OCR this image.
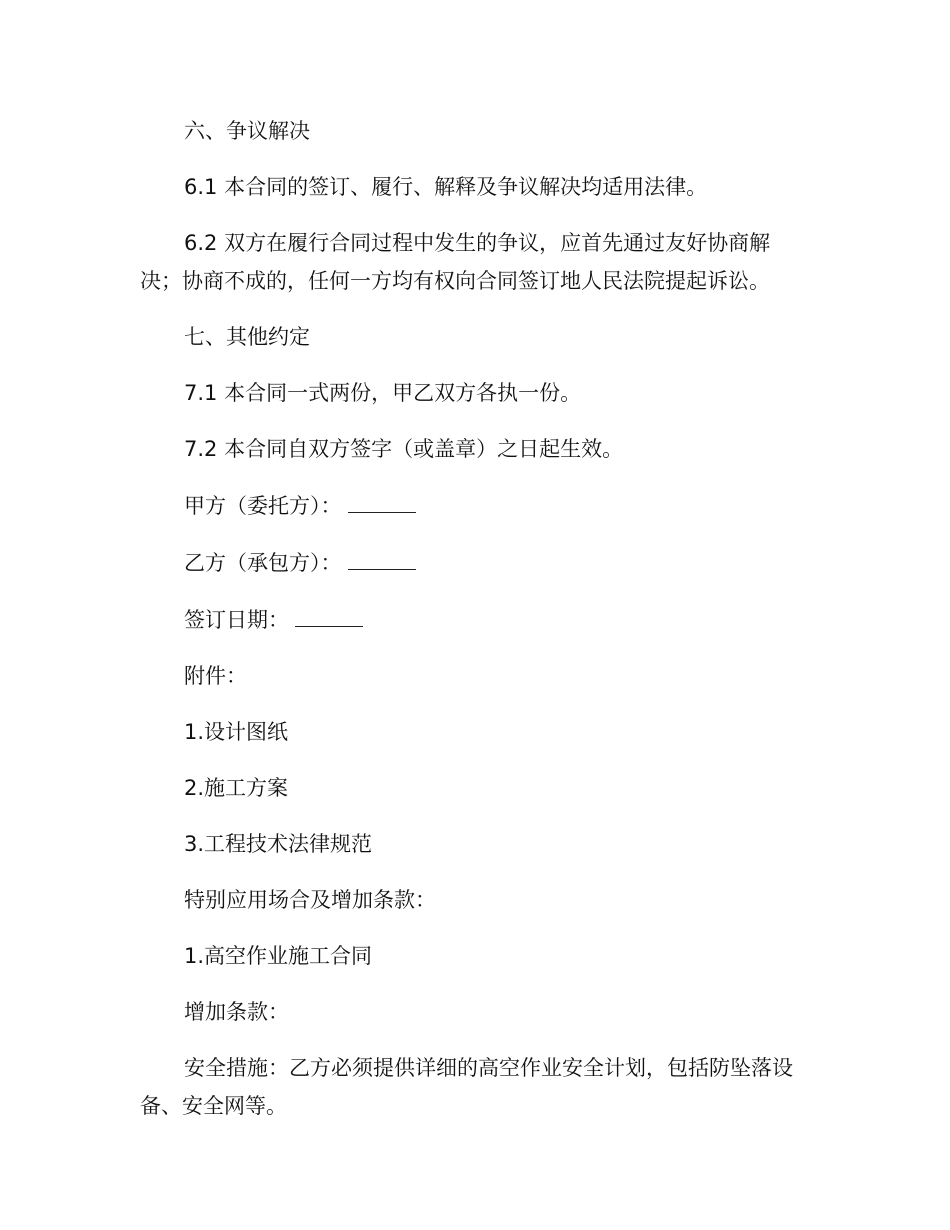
六、争议解决

6.1 本合同的签订、履行、解释及争议解决均适用法律。

6.2 双方在履行合同过程中发生的争议，应首先通过友好协商解决；协商不成的，任何一方均有权向合同签订地人民法院提起诉讼。

七、其他约定

7.1 本合同一式两份，甲乙双方各执一份。

7.2 本合同自双方签字（或盖章）之日起生效。

甲方（委托方）：

乙方（承包方）：

签订日期：

附件：

1.设计图纸

2.施工方案

3.工程技术法律规范

特别应用场合及增加条款：

1.高空作业施工合同

增加条款：

安全措施：乙方必须提供详细的高空作业安全计划，包括防坠落设备、安全网等。
